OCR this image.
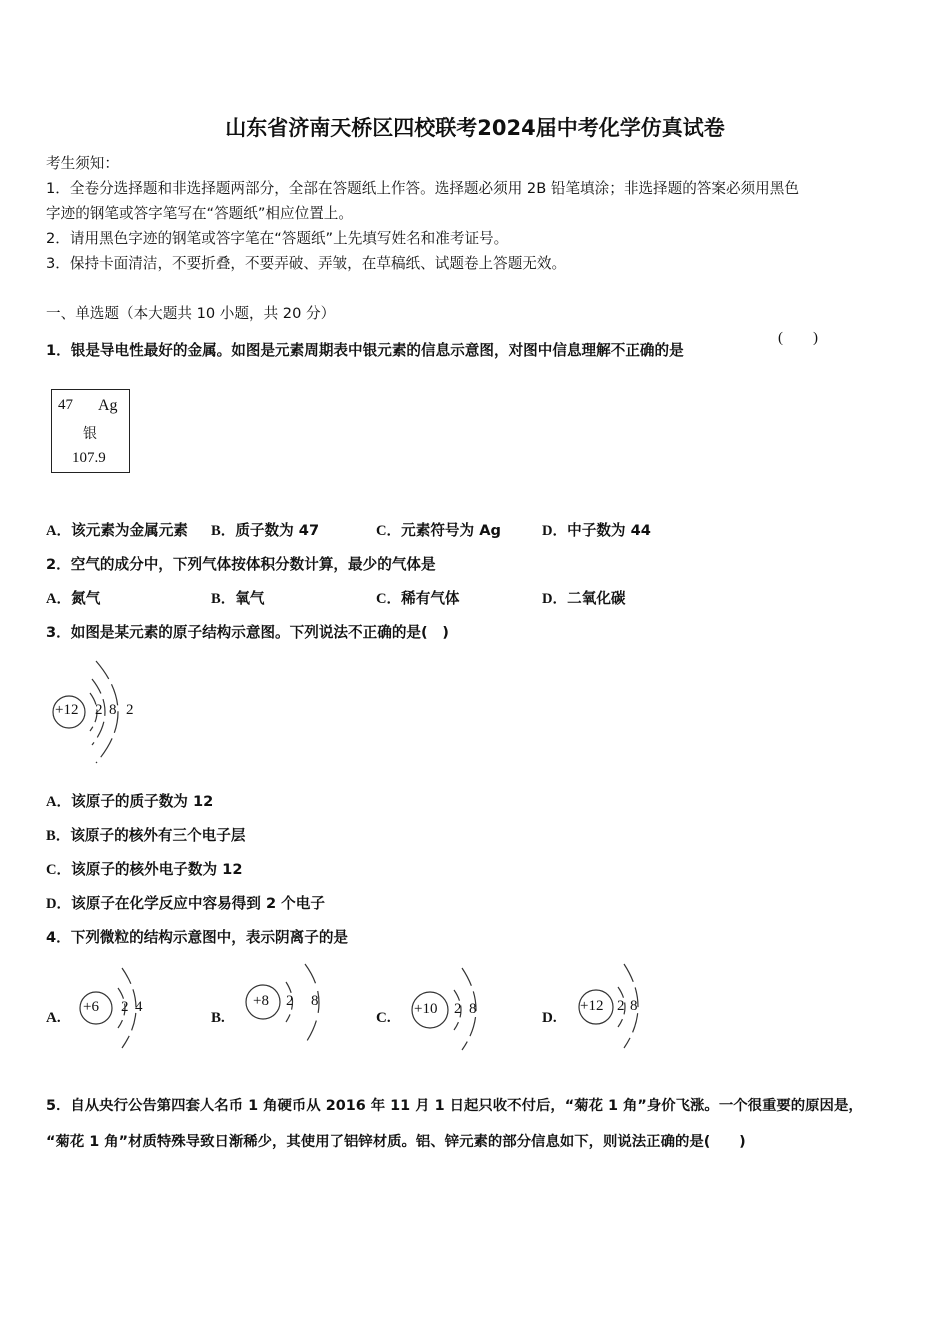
山东省济南天桥区四校联考2024届中考化学仿真试卷
考生须知：
1．全卷分选择题和非选择题两部分，全部在答题纸上作答。选择题必须用 2B 铅笔填涂；非选择题的答案必须用黑色
字迹的钢笔或答字笔写在“答题纸”相应位置上。
2．请用黑色字迹的钢笔或答字笔在“答题纸”上先填写姓名和准考证号。
3．保持卡面清洁，不要折叠，不要弄破、弄皱，在草稿纸、试题卷上答题无效。
一、单选题（本大题共 10 小题，共 20 分）
1．银是导电性最好的金属。如图是元素周期表中银元素的信息示意图，对图中信息理解不正确的是
(　　)
47 Ag
银
107.9
A．该元素为金属元素 B．质子数为 47	C．元素符号为 Ag	D．中子数为 44
2．空气的成分中，下列气体按体积分数计算，最少的气体是
A．氮气	B．氧气	C．稀有气体	D．二氧化碳
3．如图是某元素的原子结构示意图。下列说法不正确的是(　)
+12 2 8 2
A．该原子的质子数为 12
B．该原子的核外有三个电子层
C．该原子的核外电子数为 12
D．该原子在化学反应中容易得到 2 个电子
4．下列微粒的结构示意图中，表示阴离子的是
A.
+6 2 4
B.
+8 2 8
C.
+10 2 8
D.
+12 2 8
5．自从央行公告第四套人名币 1 角硬币从 2016 年 11 月 1 日起只收不付后，“菊花 1 角”身价飞涨。一个很重要的原因是，
“菊花 1 角”材质特殊导致日渐稀少，其使用了铝锌材质。铝、锌元素的部分信息如下，则说法正确的是(　　)
